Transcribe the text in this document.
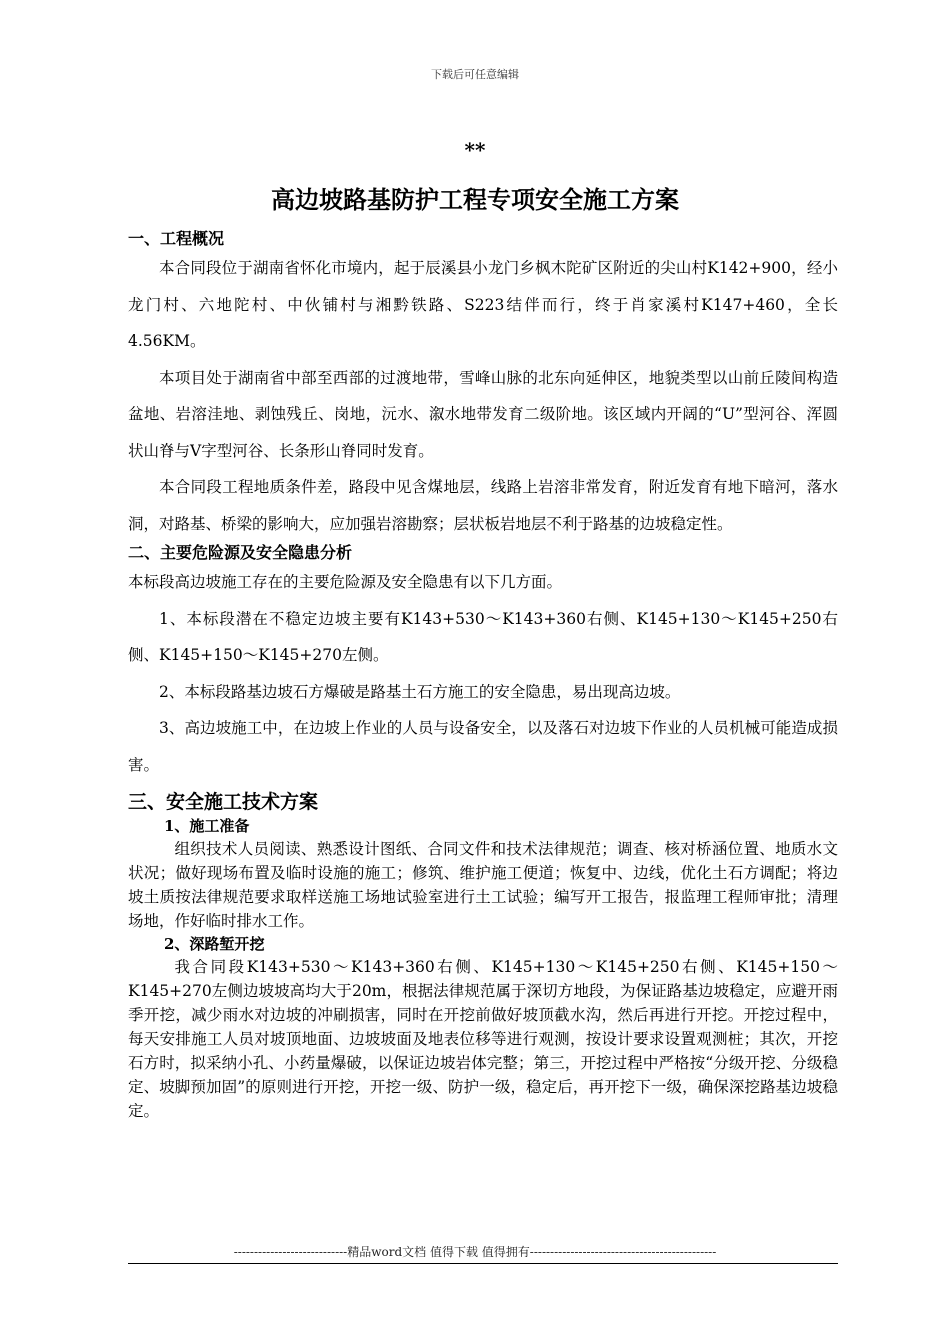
下载后可任意编辑
**
高边坡路基防护工程专项安全施工方案
一、工程概况

本合同段位于湖南省怀化市境内，起于辰溪县小龙门乡枫木陀矿区附近的尖山村K142+900，经小龙门村、六地陀村、中伙铺村与湘黔铁路、S223结伴而行，终于肖家溪村K147+460，全长4.56KM。

本项目处于湖南省中部至西部的过渡地带，雪峰山脉的北东向延伸区，地貌类型以山前丘陵间构造盆地、岩溶洼地、剥蚀残丘、岗地，沅水、溆水地带发育二级阶地。该区域内开阔的“U”型河谷、浑圆状山脊与V字型河谷、长条形山脊同时发育。

本合同段工程地质条件差，路段中见含煤地层，线路上岩溶非常发育，附近发育有地下暗河，落水洞，对路基、桥梁的影响大，应加强岩溶勘察；层状板岩地层不利于路基的边坡稳定性。

二、主要危险源及安全隐患分析

本标段高边坡施工存在的主要危险源及安全隐患有以下几方面。

1、本标段潜在不稳定边坡主要有K143+530～K143+360右侧、K145+130～K145+250右侧、K145+150～K145+270左侧。

2、本标段路基边坡石方爆破是路基土石方施工的安全隐患，易出现高边坡。

3、高边坡施工中，在边坡上作业的人员与设备安全，以及落石对边坡下作业的人员机械可能造成损害。

三、安全施工技术方案
1、施工准备

组织技术人员阅读、熟悉设计图纸、合同文件和技术法律规范；调查、核对桥涵位置、地质水文状况；做好现场布置及临时设施的施工；修筑、维护施工便道；恢复中、边线，优化土石方调配；将边坡土质按法律规范要求取样送施工场地试验室进行土工试验；编写开工报告，报监理工程师审批；清理场地，作好临时排水工作。

2、深路堑开挖

我合同段K143+530～K143+360右侧、K145+130～K145+250右侧、K145+150～K145+270左侧边坡坡高均大于20m，根据法律规范属于深切方地段，为保证路基边坡稳定，应避开雨季开挖，减少雨水对边坡的冲刷损害，同时在开挖前做好坡顶截水沟，然后再进行开挖。开挖过程中，每天安排施工人员对坡顶地面、边坡坡面及地表位移等进行观测，按设计要求设置观测桩；其次，开挖石方时，拟采纳小孔、小药量爆破，以保证边坡岩体完整；第三，开挖过程中严格按“分级开挖、分级稳定、坡脚预加固”的原则进行开挖，开挖一级、防护一级，稳定后，再开挖下一级，确保深挖路基边坡稳定。

----------------------------精品word文档 值得下载 值得拥有----------------------------------------------
